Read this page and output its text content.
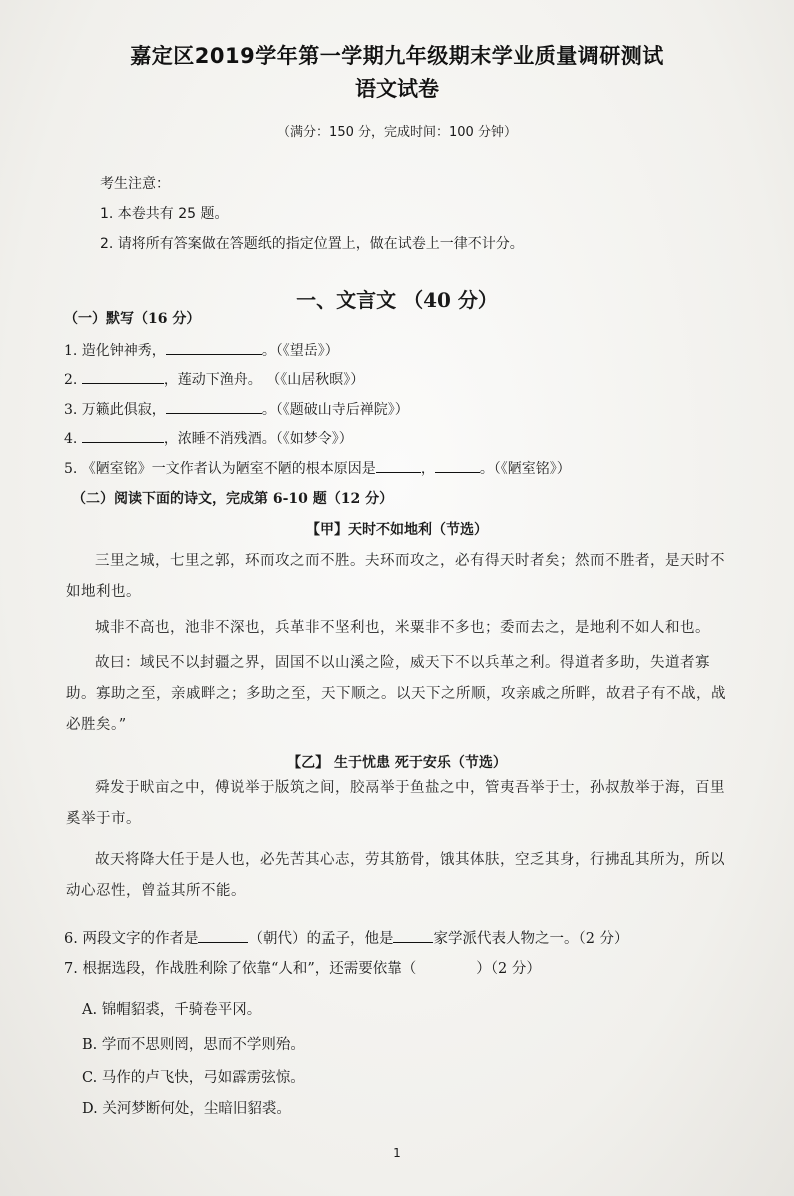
嘉定区2019学年第一学期九年级期末学业质量调研测试
语文试卷
（满分：150 分，完成时间：100 分钟）
考生注意：
1. 本卷共有 25 题。
2. 请将所有答案做在答题纸的指定位置上，做在试卷上一律不计分。
一、文言文 （40 分）
（一）默写（16 分）
1. 造化钟神秀，	。（《望岳》）
2.	，莲动下渔舟。 （《山居秋暝》）
3. 万籁此俱寂，	。（《题破山寺后禅院》）
4.	，浓睡不消残酒。（《如梦令》）
5. 《陋室铭》一文作者认为陋室不陋的根本原因是	，	。（《陋室铭》）
（二）阅读下面的诗文，完成第 6-10 题（12 分）
【甲】天时不如地利（节选）
三里之城，七里之郭，环而攻之而不胜。夫环而攻之，必有得天时者矣；然而不胜者，是天时不如地利也。
城非不高也，池非不深也，兵革非不坚利也，米粟非不多也；委而去之，是地利不如人和也。
故曰：域民不以封疆之界，固国不以山溪之险，威天下不以兵革之利。得道者多助，失道者寡助。寡助之至，亲戚畔之；多助之至，天下顺之。以天下之所顺，攻亲戚之所畔，故君子有不战，战必胜矣。”
【乙】 生于忧患 死于安乐（节选）
舜发于畎亩之中，傅说举于版筑之间，胶鬲举于鱼盐之中，管夷吾举于士，孙叔敖举于海，百里奚举于市。
故天将降大任于是人也，必先苦其心志，劳其筋骨，饿其体肤，空乏其身，行拂乱其所为，所以动心忍性，曾益其所不能。
6. 两段文字的作者是	（朝代）的孟子，他是	家学派代表人物之一。（2 分）
7. 根据选段，作战胜利除了依靠“人和”，还需要依靠（	）（2 分）
A. 锦帽貂裘，千骑卷平冈。
B. 学而不思则罔，思而不学则殆。
C. 马作的卢飞快，弓如霹雳弦惊。
D. 关河梦断何处，尘暗旧貂裘。
1
